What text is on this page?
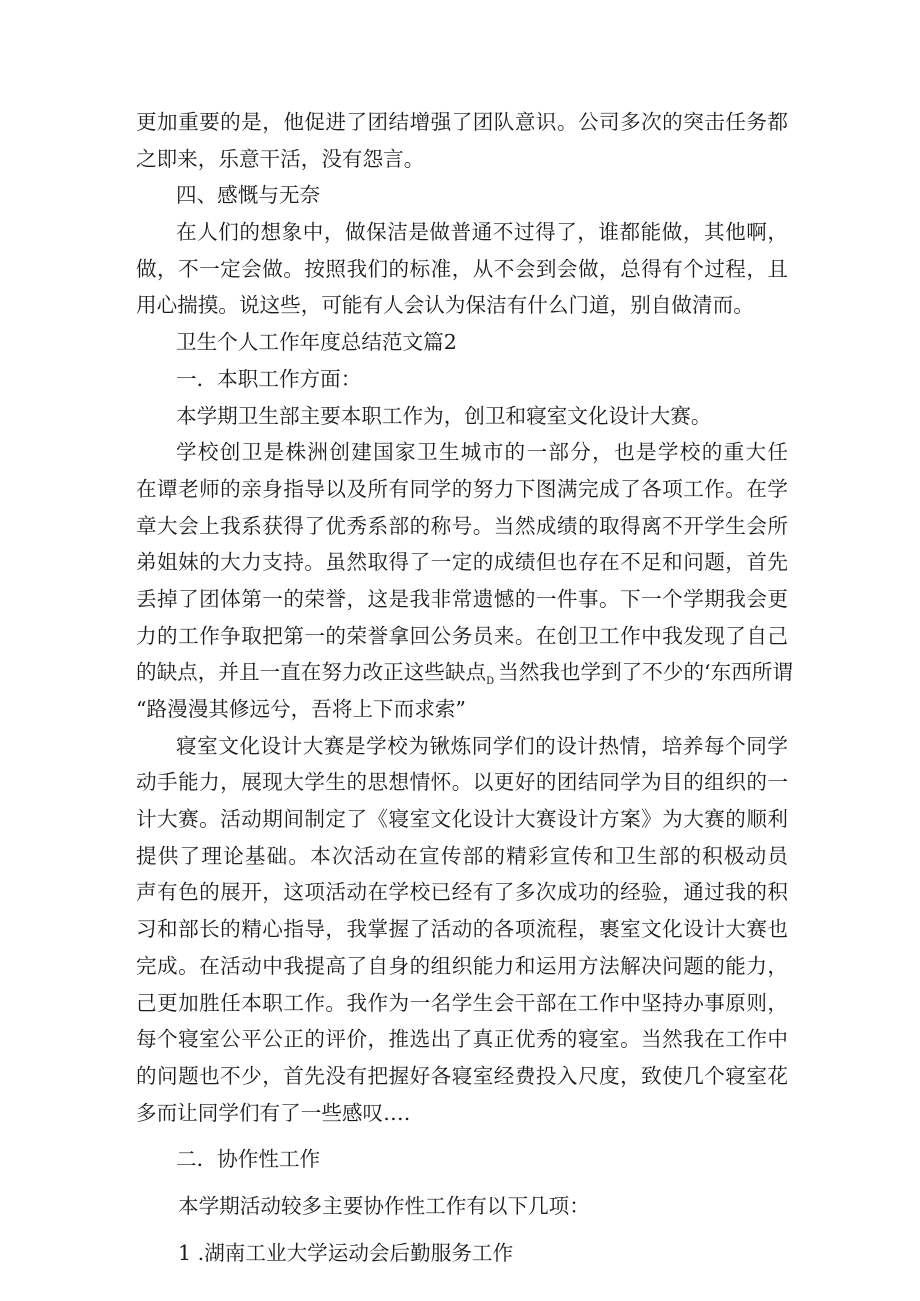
更加重要的是，他促进了团结增强了团队意识。公司多次的突击任务都
之即来，乐意干活，没有怨言。
四、感慨与无奈
在人们的想象中，做保洁是做普通不过得了，谁都能做，其他啊，
做，不一定会做。按照我们的标准，从不会到会做，总得有个过程，且
用心揣摸。说这些，可能有人会认为保洁有什么门道，别自做清而。
卫生个人工作年度总结范文篇2
一．本职工作方面：
本学期卫生部主要本职工作为，创卫和寝室文化设计大赛。
学校创卫是株洲创建国家卫生城市的一部分，也是学校的重大任
在谭老师的亲身指导以及所有同学的努力下图满完成了各项工作。在学
章大会上我系获得了优秀系部的称号。当然成绩的取得离不开学生会所
弟姐妹的大力支持。虽然取得了一定的成绩但也存在不足和问题，首先
丢掉了团体第一的荣誉，这是我非常遗憾的一件事。下一个学期我会更
力的工作争取把第一的荣誉拿回公务员来。在创卫工作中我发现了自己
的缺点，并且一直在努力改正这些缺点$_D$ 当然我也学到了不少的‘东西所谓
“路漫漫其修远兮，吾将上下而求索”
寝室文化设计大赛是学校为锹炼同学们的设计热情，培养每个同学
动手能力，展现大学生的思想情怀。以更好的团结同学为目的组织的一
计大赛。活动期间制定了《寝室文化设计大赛设计方案》为大赛的顺利
提供了理论基础。本次活动在宣传部的精彩宣传和卫生部的积极动员
声有色的展开，这项活动在学校已经有了多次成功的经验，通过我的积
习和部长的精心指导，我掌握了活动的各项流程，裹室文化设计大赛也
完成。在活动中我提高了自身的组织能力和运用方法解决问题的能力，
己更加胜任本职工作。我作为一名学生会干部在工作中坚持办事原则，
每个寝室公平公正的评价，推选出了真正优秀的寝室。当然我在工作中
的问题也不少，首先没有把握好各寝室经费投入尺度，致使几个寝室花
多而让同学们有了一些感叹….
二．协作性工作
本学期活动较多主要协作性工作有以下几项：
1 .湖南工业大学运动会后勤服务工作
